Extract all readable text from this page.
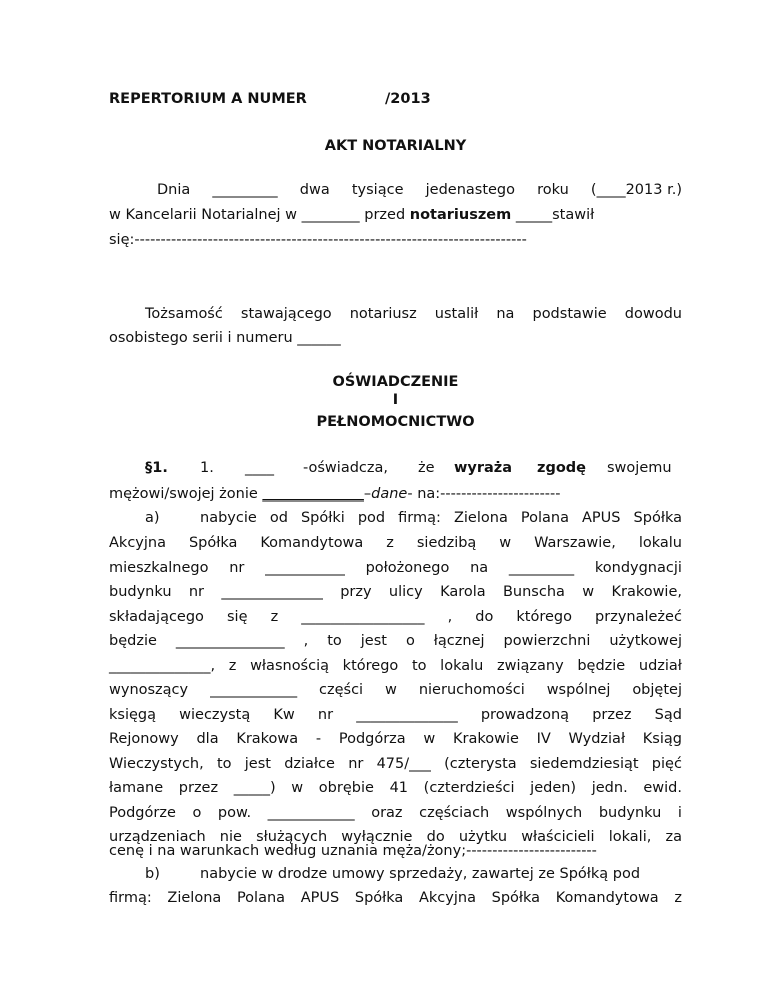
REPERTORIUM A NUMER	/2013
AKT NOTARIALNY
Dnia _________ dwa tysiące jedenastego roku (____2013 r.)
w Kancelarii Notarialnej w ________ przed notariuszem _____stawił
się:---------------------------------------------------------------------------
Tożsamość stawającego notariusz ustalił na podstawie dowodu
osobistego serii i numeru ______
OŚWIADCZENIE
I
PEŁNOMOCNICTWO
§1. 1. ____ -oświadcza, że wyraża zgodę swojemu
mężowi/swojej żonie ______________–dane- na:-----------------------
a)	nabycie od Spółki pod firmą: Zielona Polana APUS Spółka
Akcyjna Spółka Komandytowa z siedzibą w Warszawie, lokalu
mieszkalnego nr ___________ położonego na _________ kondygnacji
budynku nr ______________ przy ulicy Karola Bunscha w Krakowie,
składającego się z _________________ , do którego przynależeć
będzie _______________ , to jest o łącznej powierzchni użytkowej
______________, z własnością którego to lokalu związany będzie udział
wynoszący ____________ części w nieruchomości wspólnej objętej
księgą wieczystą Kw nr ______________ prowadzoną przez Sąd
Rejonowy dla Krakowa - Podgórza w Krakowie IV Wydział Ksiąg
Wieczystych, to jest działce nr 475/___ (czterysta siedemdziesiąt pięć
łamane przez _____) w obrębie 41 (czterdzieści jeden) jedn. ewid.
Podgórze o pow. ____________ oraz częściach wspólnych budynku i
urządzeniach nie służących wyłącznie do użytku właścicieli lokali, za
cenę i na warunkach według uznania męża/żony;-------------------------
b)	nabycie w drodze umowy sprzedaży, zawartej ze Spółką pod
firmą: Zielona Polana APUS Spółka Akcyjna Spółka Komandytowa z
